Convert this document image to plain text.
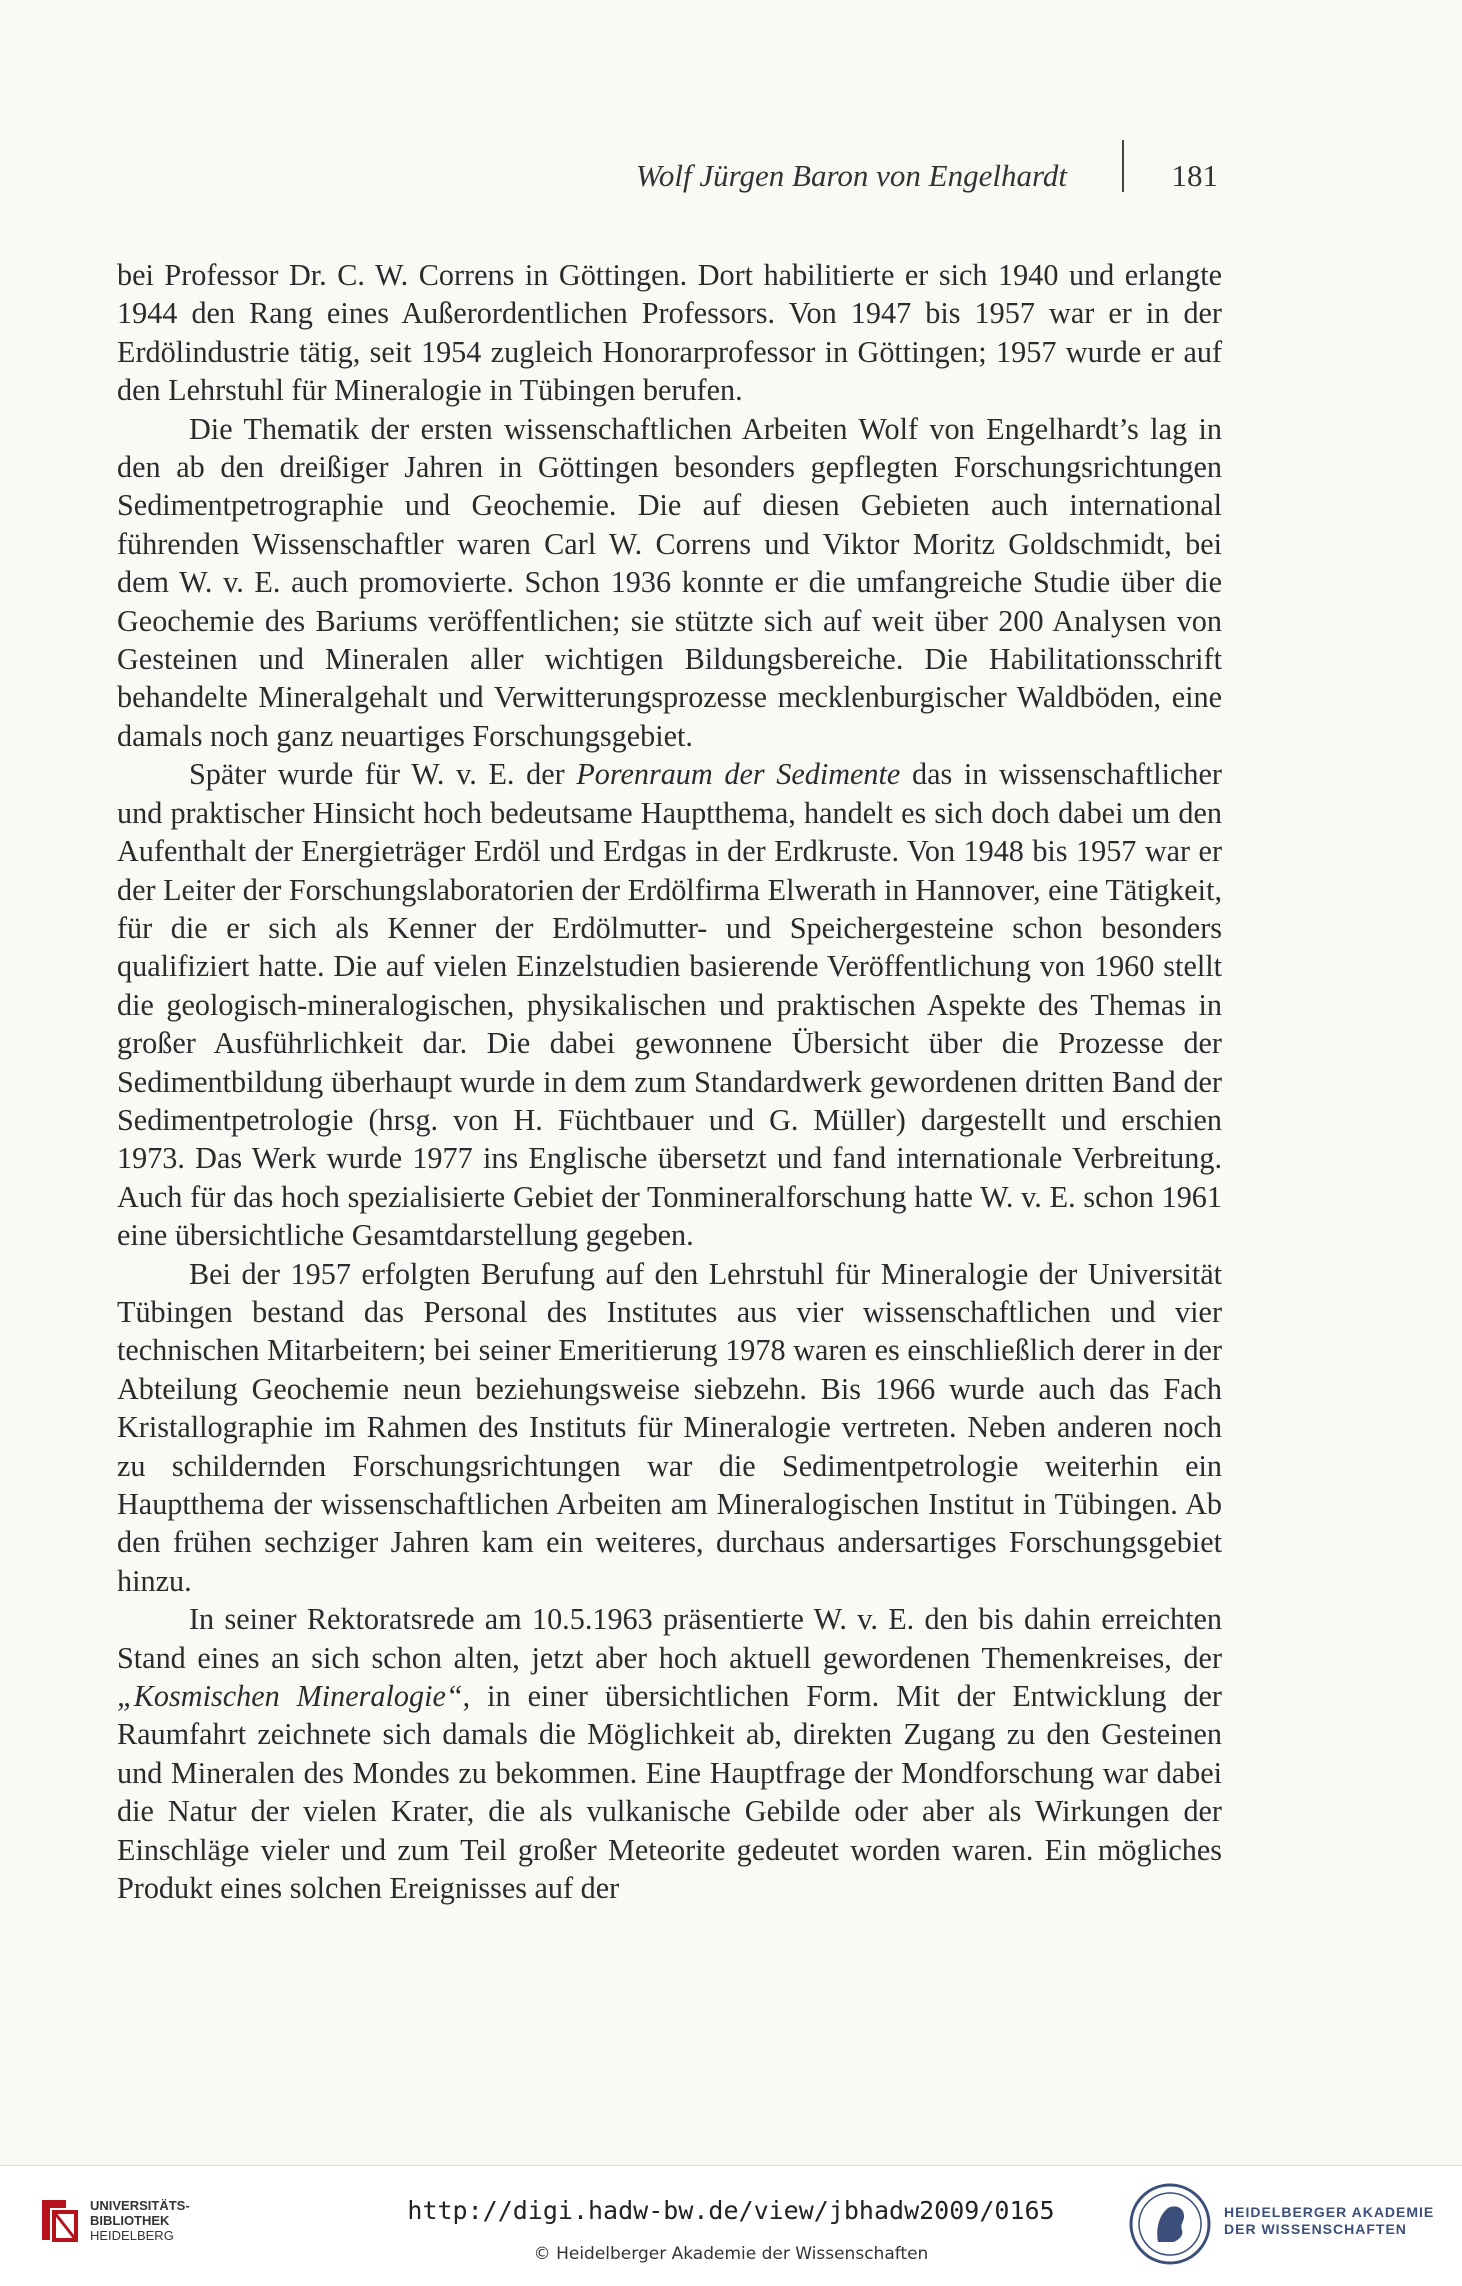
Wolf Jürgen Baron von Engelhardt	181

bei Professor Dr. C. W. Correns in Göttingen. Dort habilitierte er sich 1940 und erlangte 1944 den Rang eines Außerordentlichen Professors. Von 1947 bis 1957 war er in der Erdölindustrie tätig, seit 1954 zugleich Honorarprofessor in Göttingen; 1957 wurde er auf den Lehrstuhl für Mineralogie in Tübingen berufen.

Die Thematik der ersten wissenschaftlichen Arbeiten Wolf von Engelhardt’s lag in den ab den dreißiger Jahren in Göttingen besonders gepflegten Forschungsrichtungen Sedimentpetrographie und Geochemie. Die auf diesen Gebieten auch international führenden Wissenschaftler waren Carl W. Correns und Viktor Moritz Goldschmidt, bei dem W. v. E. auch promovierte. Schon 1936 konnte er die umfangreiche Studie über die Geochemie des Bariums veröffentlichen; sie stützte sich auf weit über 200 Analysen von Gesteinen und Mineralen aller wichtigen Bildungsbereiche. Die Habilitationsschrift behandelte Mineralgehalt und Verwitterungsprozesse mecklenburgischer Waldböden, eine damals noch ganz neuartiges Forschungsgebiet.

Später wurde für W. v. E. der Porenraum der Sedimente das in wissenschaftlicher und praktischer Hinsicht hoch bedeutsame Hauptthema, handelt es sich doch dabei um den Aufenthalt der Energieträger Erdöl und Erdgas in der Erdkruste. Von 1948 bis 1957 war er der Leiter der Forschungslaboratorien der Erdölfirma Elwerath in Hannover, eine Tätigkeit, für die er sich als Kenner der Erdölmutter- und Speichergesteine schon besonders qualifiziert hatte. Die auf vielen Einzelstudien basierende Veröffentlichung von 1960 stellt die geologisch-mineralogischen, physikalischen und praktischen Aspekte des Themas in großer Ausführlichkeit dar. Die dabei gewonnene Übersicht über die Prozesse der Sedimentbildung überhaupt wurde in dem zum Standardwerk gewordenen dritten Band der Sedimentpetrologie (hrsg. von H. Füchtbauer und G. Müller) dargestellt und erschien 1973. Das Werk wurde 1977 ins Englische übersetzt und fand internationale Verbreitung. Auch für das hoch spezialisierte Gebiet der Tonmineralforschung hatte W. v. E. schon 1961 eine übersichtliche Gesamtdarstellung gegeben.

Bei der 1957 erfolgten Berufung auf den Lehrstuhl für Mineralogie der Universität Tübingen bestand das Personal des Institutes aus vier wissenschaftlichen und vier technischen Mitarbeitern; bei seiner Emeritierung 1978 waren es einschließlich derer in der Abteilung Geochemie neun beziehungsweise siebzehn. Bis 1966 wurde auch das Fach Kristallographie im Rahmen des Instituts für Mineralogie vertreten. Neben anderen noch zu schildernden Forschungsrichtungen war die Sedimentpetrologie weiterhin ein Hauptthema der wissenschaftlichen Arbeiten am Mineralogischen Institut in Tübingen. Ab den frühen sechziger Jahren kam ein weiteres, durchaus andersartiges Forschungsgebiet hinzu.

In seiner Rektoratsrede am 10.5.1963 präsentierte W. v. E. den bis dahin erreichten Stand eines an sich schon alten, jetzt aber hoch aktuell gewordenen Themenkreises, der „Kosmischen Mineralogie“, in einer übersichtlichen Form. Mit der Entwicklung der Raumfahrt zeichnete sich damals die Möglichkeit ab, direkten Zugang zu den Gesteinen und Mineralen des Mondes zu bekommen. Eine Hauptfrage der Mondforschung war dabei die Natur der vielen Krater, die als vulkanische Gebilde oder aber als Wirkungen der Einschläge vieler und zum Teil großer Meteorite gedeutet worden waren. Ein mögliches Produkt eines solchen Ereignisses auf der

UNIVERSITÄTS-
BIBLIOTHEK
HEIDELBERG
http://digi.hadw-bw.de/view/jbhadw2009/0165
© Heidelberger Akademie der Wissenschaften
HEIDELBERGER AKADEMIE
DER WISSENSCHAFTEN
